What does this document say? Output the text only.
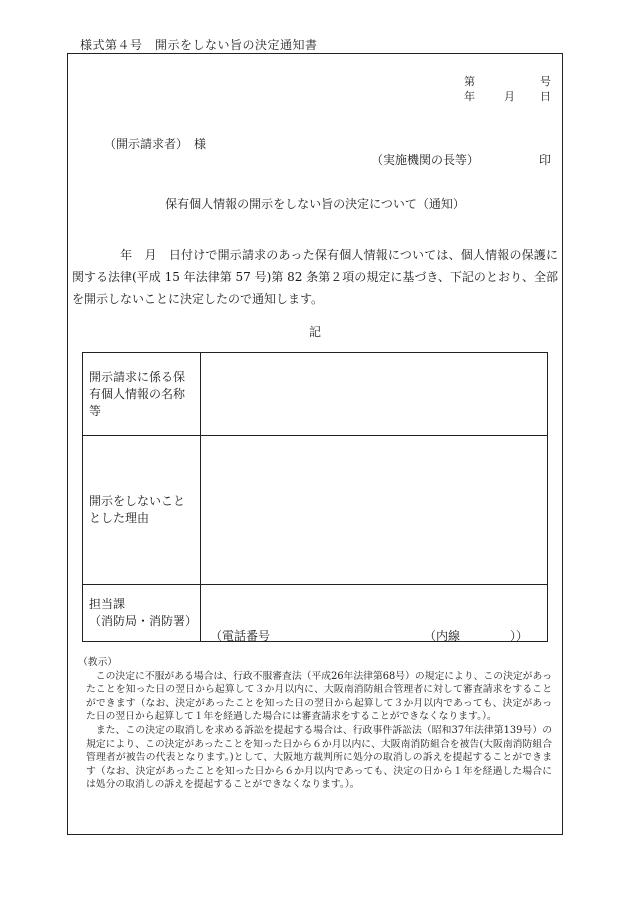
様式第４号　開示をしない旨の決定通知書
第	号
年	月 日
（開示請求者）　様
（実施機関の長等）	印
保有個人情報の開示をしない旨の決定について（通知）
年　月　日付けで開示請求のあった保有個人情報については、個人情報の保護に関する法律(平成 15 年法律第 57 号)第 82 条第２項の規定に基づき、下記のとおり、全部を開示しないことに決定したので通知します。
記
開示請求に係る保有個人情報の名称等	
開示をしないこととした理由	

担当課
（消防局・消防署）	

（電話番号	（内線	））

（教示）

この決定に不服がある場合は、行政不服審査法（平成26年法律第68号）の規定により、この決定があったことを知った日の翌日から起算して３か月以内に、大阪南消防組合管理者に対して審査請求をすることができます（なお、決定があったことを知った日の翌日から起算して３か月以内であっても、決定があった日の翌日から起算して１年を経過した場合には審査請求をすることができなくなります。）。

また、この決定の取消しを求める訴訟を提起する場合は、行政事件訴訟法（昭和37年法律第139号）の規定により、この決定があったことを知った日から６か月以内に、大阪南消防組合を被告(大阪南消防組合管理者が被告の代表となります。)として、大阪地方裁判所に処分の取消しの訴えを提起することができます（なお、決定があったことを知った日から６か月以内であっても、決定の日から１年を経過した場合には処分の取消しの訴えを提起することができなくなります。）。
